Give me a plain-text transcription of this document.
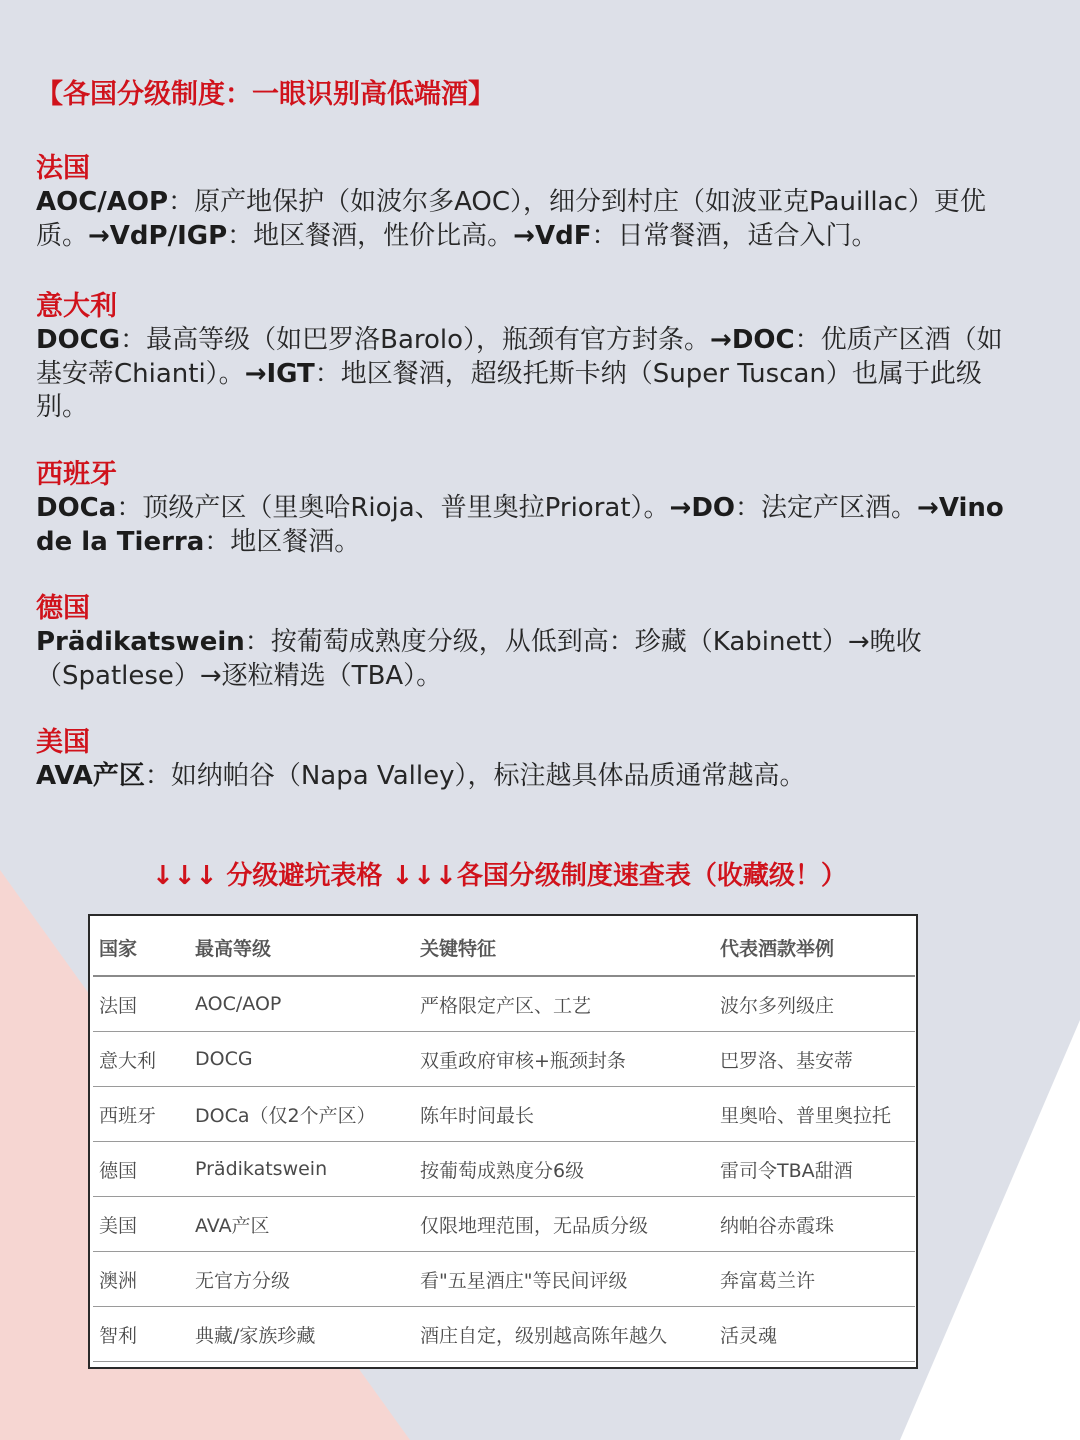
【各国分级制度：一眼识别高低端酒】
法国
AOC/AOP：原产地保护（如波尔多AOC），细分到村庄（如波亚克Pauillac）更优质。→VdP/IGP：地区餐酒，性价比高。→VdF：日常餐酒，适合入门。
意大利
DOCG：最高等级（如巴罗洛Barolo），瓶颈有官方封条。→DOC：优质产区酒（如基安蒂Chianti）。→IGT：地区餐酒，超级托斯卡纳（Super Tuscan）也属于此级别。
西班牙
DOCa：顶级产区（里奥哈Rioja、普里奥拉Priorat）。→DO：法定产区酒。→Vino de la Tierra：地区餐酒。
德国
Prädikatswein：按葡萄成熟度分级，从低到高：珍藏（Kabinett）→晚收（Spatlese）→逐粒精选（TBA）。
美国
AVA产区：如纳帕谷（Napa Valley），标注越具体品质通常越高。
↓↓↓ 分级避坑表格 ↓↓↓各国分级制度速查表（收藏级！）
国家	最高等级	关键特征	代表酒款举例
法国	AOC/AOP	严格限定产区、工艺	波尔多列级庄
意大利	DOCG	双重政府审核+瓶颈封条	巴罗洛、基安蒂
西班牙	DOCa（仅2个产区）	陈年时间最长	里奥哈、普里奥拉托
德国	Prädikatswein	按葡萄成熟度分6级	雷司令TBA甜酒
美国	AVA产区	仅限地理范围，无品质分级	纳帕谷赤霞珠
澳洲	无官方分级	看"五星酒庄"等民间评级	奔富葛兰许
智利	典藏/家族珍藏	酒庄自定，级别越高陈年越久	活灵魂
